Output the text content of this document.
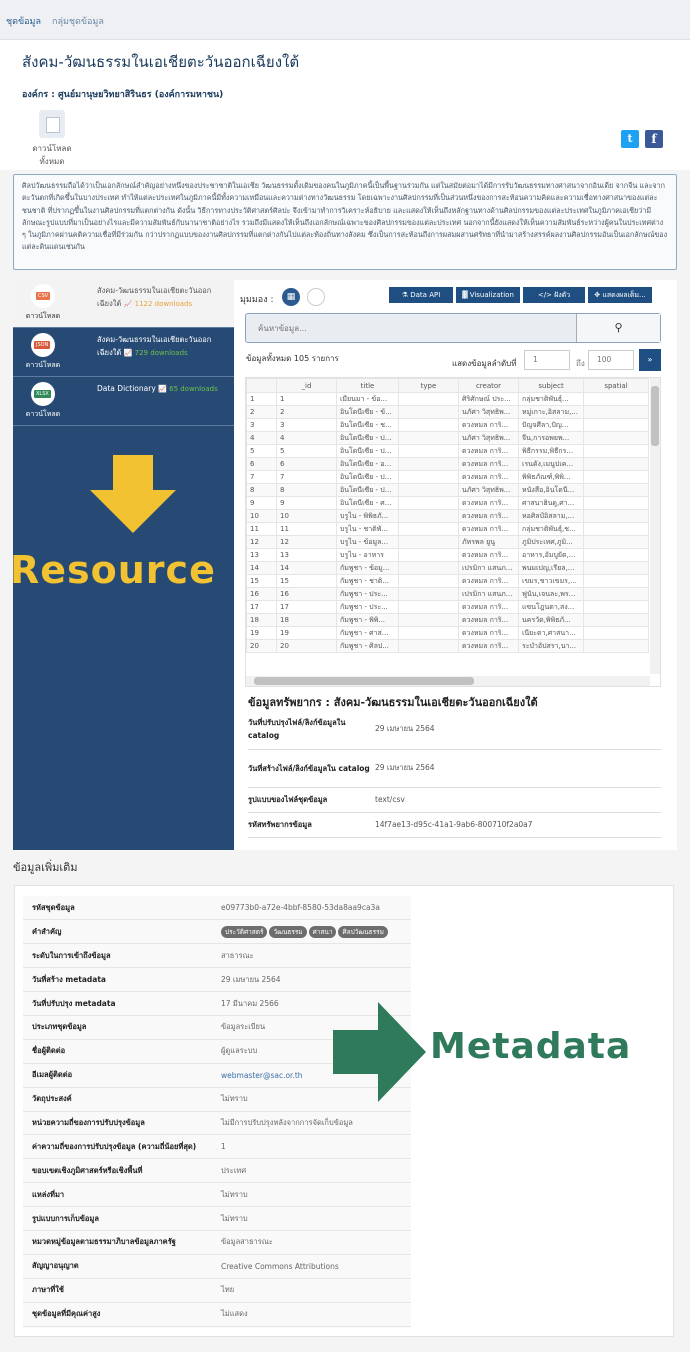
ชุดข้อมูล กลุ่มชุดข้อมูล
สังคม-วัฒนธรรมในเอเชียตะวันออกเฉียงใต้
องค์กร : ศูนย์มานุษยวิทยาสิรินธร (องค์การมหาชน)
ดาวน์โหลดทั้งหมด
t	f
ศิลปวัฒนธรรมถือได้ว่าเป็นเอกลักษณ์สำคัญอย่างหนึ่งของประชาชาติในเอเชีย วัฒนธรรมดั้งเดิมของคนในภูมิภาคนี้เป็นพื้นฐานร่วมกัน แต่ในสมัยต่อมาได้มีการรับวัฒนธรรมทางศาสนาจากอินเดีย จากจีน และจากตะวันตกที่เกิดขึ้นในบางประเทศ ทำให้แต่ละประเทศในภูมิภาคนี้มีทั้งความเหมือนและความต่างทางวัฒนธรรม โดยเฉพาะงานศิลปกรรมที่เป็นส่วนหนึ่งของการสะท้อนความคิดและความเชื่อทางศาสนาของแต่ละชนชาติ ที่ปรากฏขึ้นในงานศิลปกรรมที่แตกต่างกัน ดังนั้น วิธีการทางประวัติศาสตร์ศิลปะ จึงเข้ามาทำการวิเคราะห์อธิบาย และแสดงให้เห็นถึงหลักฐานทางด้านศิลปกรรมของแต่ละประเทศในภูมิภาคเอเชียว่ามีลักษณะรูปแบบที่มาเป็นอย่างไรและมีความสัมพันธ์กับนานาชาติอย่างไร รวมถึงมีแสดงให้เห็นถึงเอกลักษณ์เฉพาะของศิลปกรรมของแต่ละประเทศ นอกจากนี้ยังแสดงให้เห็นความสัมพันธ์ระหว่างผู้คนในประเทศต่าง ๆ ในภูมิภาคผ่านคติความเชื่อที่มีร่วมกัน กว่าปรากฏแบบของงานศิลปกรรมที่แตกต่างกันไปแต่ละท้องถิ่นทางสังคม ซึ่งเป็นการสะท้อนถึงการผสมผสานศรัทธาที่นำมาสร้างสรรค์ผลงานศิลปกรรมอันเป็นเอกลักษณ์ของแต่ละดินแดนเช่นกัน
CSV
ดาวน์โหลด
สังคม-วัฒนธรรมในเอเชียตะวันออกเฉียงใต้ 📈 1122 downloads
JSON
ดาวน์โหลด
สังคม-วัฒนธรรมในเอเชียตะวันออกเฉียงใต้ 📈 729 downloads
XLSX
ดาวน์โหลด
Data Dictionary 📈 65 downloads
Resource
มุมมอง :	▦	⚗ Data API	▓ Visualization	</> ฝังตัว	✥ แสดงผลเต็ม...
ค้นหาข้อมูล...
⚲
ข้อมูลทั้งหมด 105 รายการ
แสดงข้อมูลลำดับที่	1	ถึง	100	»
	_id	title	type	creator	subject	spatial
1	1	เมียนมา - ข้อ...		ศิริศักษณ์ ประ...	กลุ่มชาติพันธุ์...	
2	2	อินโดนีเซีย - ข้...		นภัศา วิสุทธิพ...	หมู่เกาะ,อิสลาม,...	
3	3	อินโดนีเซีย - ช...		ดวงหมล การิ...	ปัญจศีลา,ปัญ...	
4	4	อินโดนีเซีย - ป...		นภัศา วิสุทธิพ...	จีน,การอพยพ...	
5	5	อินโดนีเซีย - ป...		ดวงหมล การิ...	พิธีกรรม,พิธีกร...	
6	6	อินโดนีเซีย - อ...		ดวงหมล การิ...	เรนดัง,เมนูปเค...	
7	7	อินโดนีเซีย - ป...		ดวงหมล การิ...	พิพิธภัณฑ์,พิพิ...	
8	8	อินโดนีเซีย - ป...		นภัศา วิสุทธิพ...	หนังสือ,อินโดนี...	
9	9	อินโดนีเซีย - ศ...		ดวงหมล การิ...	ศาสนาฮินดู,ศา...	
10	10	บรูไน - พิพิธภั...		ดวงหมล การิ...	หอศิลป์อิสลาม,...	
11	11	บรูไน - ชาติพั...		ดวงหมล การิ...	กลุ่มชาติพันธุ์,ช...	
12	12	บรูไน - ข้อมูล...		ภัทรพล ยูนู	ภูมิประเทศ,ภูมิ...	
13	13	บรูไน - อาหาร		ดวงหมล การิ...	อาหาร,อัมบูยัต,...	
14	14	กัมพูชา - ข้อมู...		เปรมิกา แสนภ...	พนมเปญ,เรียล,...	
15	15	กัมพูชา - ชาติ...		ดวงหมล การิ...	เขมร,ชาวเขมร,...	
16	16	กัมพูชา - ประ...		เปรมิกา แสนภ...	ฟูนัน,เจนละ,พร...	
17	17	กัมพูชา - ประ...		ดวงหมล การิ...	แซนโฎนตา,สง...	
18	18	กัมพูชา - พิพิ...		ดวงหมล การิ...	นครวัด,พิพิธภั...	
19	19	กัมพูชา - ศาส...		ดวงหมล การิ...	เนียะตา,ศาสนา...	
20	20	กัมพูชา - ศิลป...		ดวงหมล การิ...	ระบำอัปสรา,นา...	
ข้อมูลทรัพยากร : สังคม-วัฒนธรรมในเอเชียตะวันออกเฉียงใต้
วันที่ปรับปรุงไฟล์/ลิงก์ข้อมูลใน catalog	29 เมษายน 2564
วันที่สร้างไฟล์/ลิงก์ข้อมูลใน catalog	29 เมษายน 2564
รูปแบบของไฟล์ชุดข้อมูล	text/csv
รหัสทรัพยากรข้อมูล	14f7ae13-d95c-41a1-9ab6-800710f2a0a7
ข้อมูลเพิ่มเติม
รหัสชุดข้อมูล	e09773b0-a72e-4bbf-8580-53da8aa9ca3a
คำสำคัญ	ประวัติศาสตร์ วัฒนธรรม ศาสนา ศิลปวัฒนธรรม
ระดับในการเข้าถึงข้อมูล	สาธารณะ
วันที่สร้าง metadata	29 เมษายน 2564
วันที่ปรับปรุง metadata	17 มีนาคม 2566
ประเภทชุดข้อมูล	ข้อมูลระเบียน
ชื่อผู้ติดต่อ	ผู้ดูแลระบบ
อีเมลผู้ติดต่อ	webmaster@sac.or.th
วัตถุประสงค์	ไม่ทราบ
หน่วยความถี่ของการปรับปรุงข้อมูล	ไม่มีการปรับปรุงหลังจากการจัดเก็บข้อมูล
ค่าความถี่ของการปรับปรุงข้อมูล (ความถี่น้อยที่สุด)	1
ขอบเขตเชิงภูมิศาสตร์หรือเชิงพื้นที่	ประเทศ
แหล่งที่มา	ไม่ทราบ
รูปแบบการเก็บข้อมูล	ไม่ทราบ
หมวดหมู่ข้อมูลตามธรรมาภิบาลข้อมูลภาครัฐ	ข้อมูลสาธารณะ
สัญญาอนุญาต	Creative Commons Attributions
ภาษาที่ใช้	ไทย
ชุดข้อมูลที่มีคุณค่าสูง	ไม่แสดง
Metadata
